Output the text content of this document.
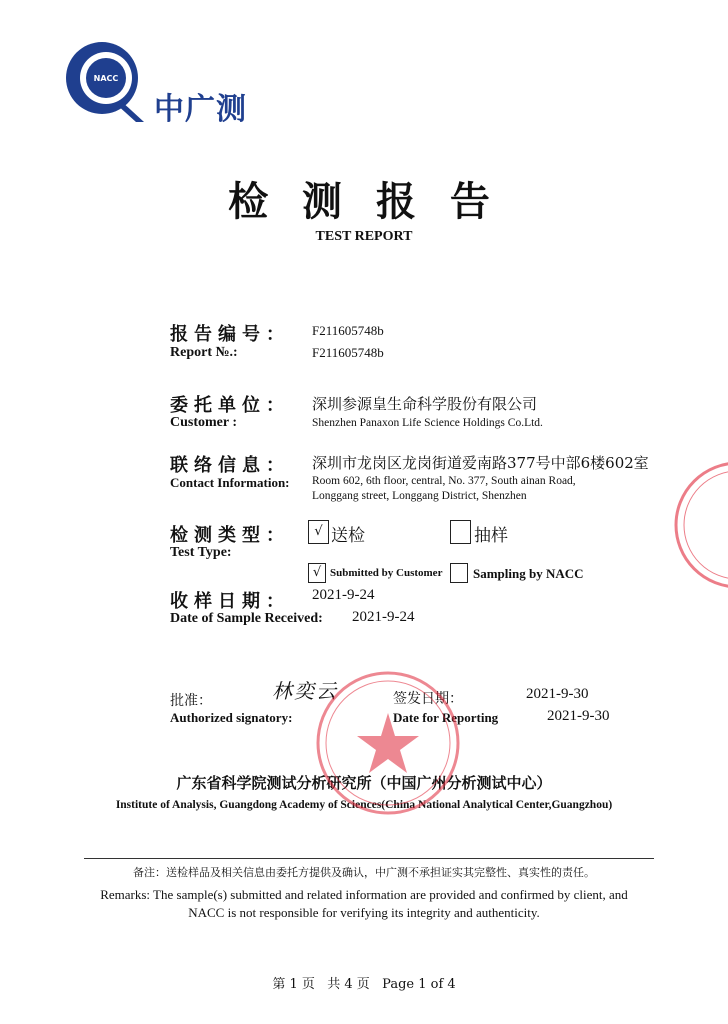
NACC
中广测
检 测 报 告
TEST REPORT
报告编号：
Report №.:
F211605748b
F211605748b
委托单位：
Customer :
深圳参源皇生命科学股份有限公司
Shenzhen Panaxon Life Science Holdings Co.Ltd.
联络信息：
Contact Information:
深圳市龙岗区龙岗街道爱南路377号中部6楼602室
Room 602, 6th floor, central, No. 377, South ainan Road,
Longgang street, Longgang District, Shenzhen
检测类型：
Test Type:
√ 送检	抽样
√ Submitted by Customer Sampling by NACC
收样日期： 2021-9-24
Date of Sample Received: 2021-9-24
批准：	林奕云
Authorized signatory:
签发日期：	2021-9-30
Date for Reporting	2021-9-30
广东省科学院测试分析研究所（中国广州分析测试中心）
Institute of Analysis, Guangdong Academy of Sciences(China National Analytical Center,Guangzhou)
备注：送检样品及相关信息由委托方提供及确认，中广测不承担证实其完整性、真实性的责任。
Remarks: The sample(s) submitted and related information are provided and confirmed by client, and
NACC is not responsible for verifying its integrity and authenticity.
第 1 页   共 4 页   Page 1 of 4
